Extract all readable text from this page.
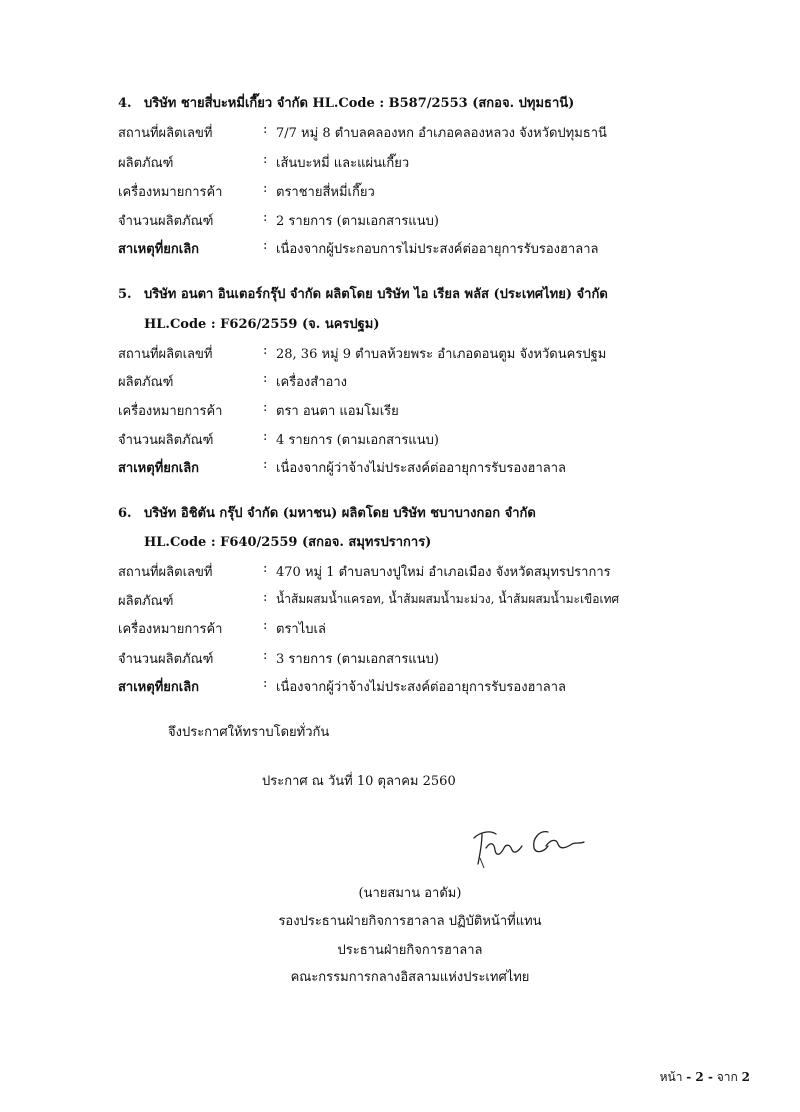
4. บริษัท ชายสี่บะหมี่เกี๊ยว จำกัด HL.Code : B587/2553 (สกอจ. ปทุมธานี)
สถานที่ผลิตเลขที่	: 7/7 หมู่ 8 ตำบลคลองหก อำเภอคลองหลวง จังหวัดปทุมธานี
ผลิตภัณฑ์	: เส้นบะหมี่ และแผ่นเกี๊ยว
เครื่องหมายการค้า	: ตราชายสี่หมี่เกี๊ยว
จำนวนผลิตภัณฑ์	: 2 รายการ (ตามเอกสารแนบ)
สาเหตุที่ยกเลิก	: เนื่องจากผู้ประกอบการไม่ประสงค์ต่ออายุการรับรองฮาลาล
5. บริษัท อนตา อินเตอร์กรุ๊ป จำกัด ผลิตโดย บริษัท ไอ เรียล พลัส (ประเทศไทย) จำกัด
HL.Code : F626/2559 (จ. นครปฐม)
สถานที่ผลิตเลขที่	: 28, 36 หมู่ 9 ตำบลห้วยพระ อำเภอดอนตูม จังหวัดนครปฐม
ผลิตภัณฑ์	: เครื่องสำอาง
เครื่องหมายการค้า	: ตรา อนตา แอมโมเรีย
จำนวนผลิตภัณฑ์	: 4 รายการ (ตามเอกสารแนบ)
สาเหตุที่ยกเลิก	: เนื่องจากผู้ว่าจ้างไม่ประสงค์ต่ออายุการรับรองฮาลาล
6. บริษัท อิชิตัน กรุ๊ป จำกัด (มหาชน) ผลิตโดย บริษัท ชบาบางกอก จำกัด
HL.Code : F640/2559 (สกอจ. สมุทรปราการ)
สถานที่ผลิตเลขที่	: 470 หมู่ 1 ตำบลบางปูใหม่ อำเภอเมือง จังหวัดสมุทรปราการ
ผลิตภัณฑ์	: น้ำส้มผสมน้ำแครอท, น้ำส้มผสมน้ำมะม่วง, น้ำส้มผสมน้ำมะเขือเทศ
เครื่องหมายการค้า	: ตราไบเล่
จำนวนผลิตภัณฑ์	: 3 รายการ (ตามเอกสารแนบ)
สาเหตุที่ยกเลิก	: เนื่องจากผู้ว่าจ้างไม่ประสงค์ต่ออายุการรับรองฮาลาล
จึงประกาศให้ทราบโดยทั่วกัน
ประกาศ ณ วันที่ 10 ตุลาคม 2560
(นายสมาน อาดัม)
รองประธานฝ่ายกิจการฮาลาล ปฏิบัติหน้าที่แทน
ประธานฝ่ายกิจการฮาลาล
คณะกรรมการกลางอิสลามแห่งประเทศไทย
หน้า - 2 - จาก 2
